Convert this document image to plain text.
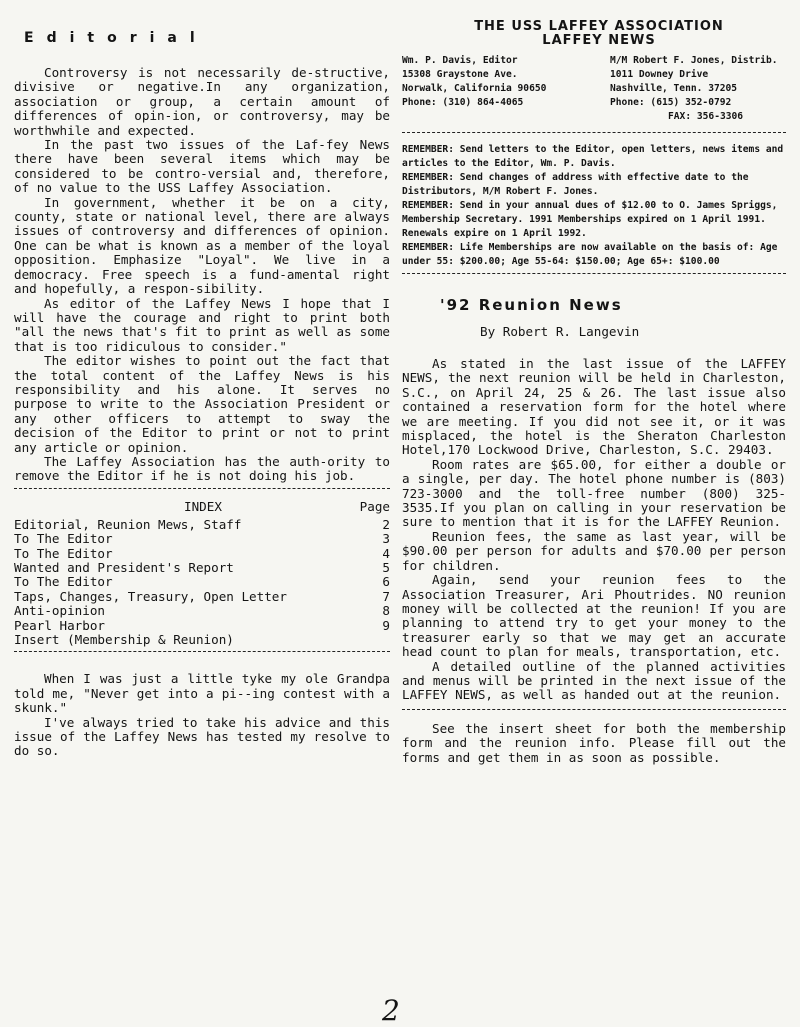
Editorial

Controversy is not necessarily de-structive, divisive or negative.In any organization, association or group, a certain amount of differences of opin-ion, or controversy, may be worthwhile and expected.

In the past two issues of the Laf-fey News there have been several items which may be considered to be contro-versial and, therefore, of no value to the USS Laffey Association.

In government, whether it be on a city, county, state or national level, there are always issues of controversy and differences of opinion. One can be what is known as a member of the loyal opposition. Emphasize "Loyal". We live in a democracy. Free speech is a fund-amental right and hopefully, a respon-sibility.

As editor of the Laffey News I hope that I will have the courage and right to print both "all the news that's fit to print as well as some that is too ridiculous to consider."

The editor wishes to point out the fact that the total content of the Laffey News is his responsibility and his alone. It serves no purpose to write to the Association President or any other officers to attempt to sway the decision of the Editor to print or not to print any article or opinion.

The Laffey Association has the auth-ority to remove the Editor if he is not doing his job.

INDEX	Page
Editorial, Reunion Mews, Staff	2
To The Editor	3
To The Editor	4
Wanted and President's Report	5
To The Editor	6
Taps, Changes, Treasury, Open Letter	7
Anti-opinion	8
Pearl Harbor	9
Insert (Membership & Reunion)

When I was just a little tyke my ole Grandpa told me, "Never get into a pi--ing contest with a skunk."

I've always tried to take his advice and this issue of the Laffey News has tested my resolve to do so.

THE USS LAFFEY ASSOCIATION
LAFFEY NEWS
Wm. P. Davis, Editor
15308 Graystone Ave.
Norwalk, California 90650
Phone: (310) 864-4065
M/M Robert F. Jones, Distrib.
1011 Downey Drive
Nashville, Tenn. 37205
Phone: (615) 352-0792
FAX: 356-3306

REMEMBER: Send letters to the Editor, open letters, news items and articles to the Editor, Wm. P. Davis.

REMEMBER: Send changes of address with effective date to the Distributors, M/M Robert F. Jones.

REMEMBER: Send in your annual dues of $12.00 to O. James Spriggs, Membership Secretary. 1991 Memberships expired on 1 April 1991. Renewals expire on 1 April 1992.

REMEMBER: Life Memberships are now available on the basis of: Age under 55: $200.00; Age 55-64: $150.00; Age 65+: $100.00

'92 Reunion News
By Robert R. Langevin

As stated in the last issue of the LAFFEY NEWS, the next reunion will be held in Charleston, S.C., on April 24, 25 & 26. The last issue also contained a reservation form for the hotel where we are meeting. If you did not see it, or it was misplaced, the hotel is the Sheraton Charleston Hotel,170 Lockwood Drive, Charleston, S.C. 29403.

Room rates are $65.00, for either a double or a single, per day. The hotel phone number is (803) 723-3000 and the toll-free number (800) 325-3535.If you plan on calling in your reservation be sure to mention that it is for the LAFFEY Reunion.

Reunion fees, the same as last year, will be $90.00 per person for adults and $70.00 per person for children.

Again, send your reunion fees to the Association Treasurer, Ari Phoutrides. NO reunion money will be collected at the reunion! If you are planning to attend try to get your money to the treasurer early so that we may get an accurate head count to plan for meals, transportation, etc.

A detailed outline of the planned activities and menus will be printed in the next issue of the LAFFEY NEWS, as well as handed out at the reunion.

See the insert sheet for both the membership form and the reunion info. Please fill out the forms and get them in as soon as possible.

2
